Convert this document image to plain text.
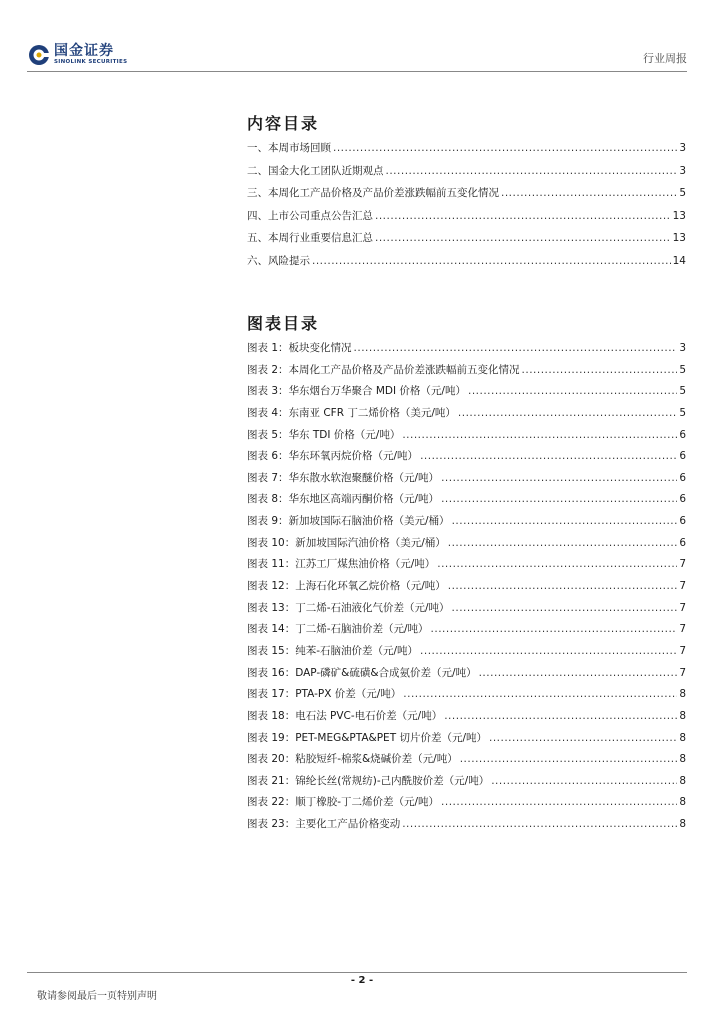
国金证券
SINOLINK SECURITIES	行业周报
内容目录
一、本周市场回顾 .....	3
二、国金大化工团队近期观点 .....	3
三、本周化工产品价格及产品价差涨跌幅前五变化情况 .....	5
四、上市公司重点公告汇总 .....	13
五、本周行业重要信息汇总 .....	13
六、风险提示 .....	14
图表目录
图表 1：板块变化情况 .....	3
图表 2：本周化工产品价格及产品价差涨跌幅前五变化情况 .....	5
图表 3：华东烟台万华聚合 MDI 价格（元/吨） .....	5
图表 4：东南亚 CFR 丁二烯价格（美元/吨） .....	5
图表 5：华东 TDI 价格（元/吨） .....	6
图表 6：华东环氧丙烷价格（元/吨） .....	6
图表 7：华东散水软泡聚醚价格（元/吨） .....	6
图表 8：华东地区高端丙酮价格（元/吨） .....	6
图表 9：新加坡国际石脑油价格（美元/桶） .....	6
图表 10：新加坡国际汽油价格（美元/桶） .....	6
图表 11：江苏工厂煤焦油价格（元/吨） .....	7
图表 12：上海石化环氧乙烷价格（元/吨） .....	7
图表 13：丁二烯-石油液化气价差（元/吨） .....	7
图表 14：丁二烯-石脑油价差（元/吨） .....	7
图表 15：纯苯-石脑油价差（元/吨） .....	7
图表 16：DAP-磷矿&硫磺&合成氨价差（元/吨） .....	7
图表 17：PTA-PX 价差（元/吨） .....	8
图表 18：电石法 PVC-电石价差（元/吨） .....	8
图表 19：PET-MEG&PTA&PET 切片价差（元/吨） .....	8
图表 20：粘胶短纤-棉浆&烧碱价差（元/吨） .....	8
图表 21：锦纶长丝(常规纺)-己内酰胺价差（元/吨） .....	8
图表 22：顺丁橡胶-丁二烯价差（元/吨） .....	8
图表 23：主要化工产品价格变动 .....	8
- 2 -
敬请参阅最后一页特别声明
